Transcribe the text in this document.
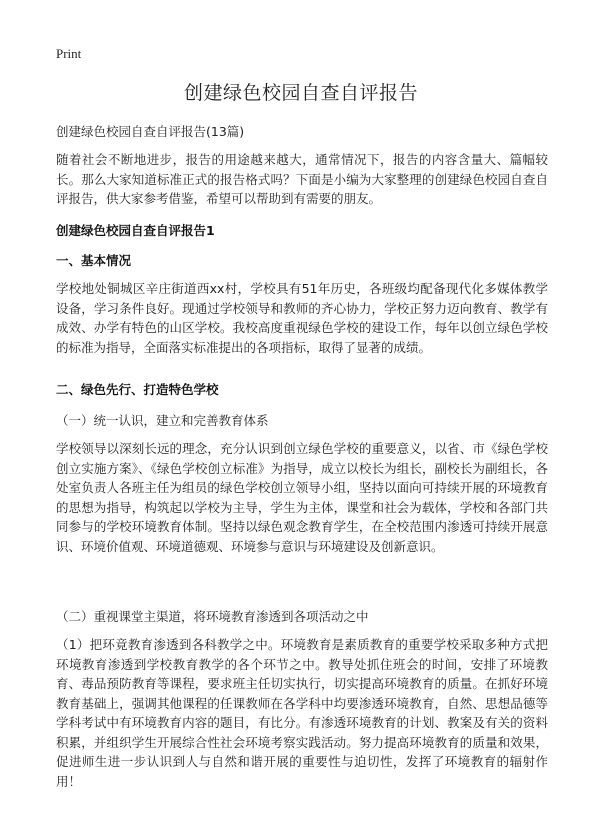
Print
创建绿色校园自查自评报告
创建绿色校园自查自评报告(13篇)

随着社会不断地进步，报告的用途越来越大，通常情况下，报告的内容含量大、篇幅较长。那么大家知道标准正式的报告格式吗？下面是小编为大家整理的创建绿色校园自查自评报告，供大家参考借鉴，希望可以帮助到有需要的朋友。

创建绿色校园自查自评报告1

一、基本情况

学校地处铜城区辛庄街道西xx村，学校具有51年历史，各班级均配备现代化多媒体教学设备，学习条件良好。现通过学校领导和教师的齐心协力，学校正努力迈向教育、教学有成效、办学有特色的山区学校。我校高度重视绿色学校的建设工作，每年以创立绿色学校的标准为指导，全面落实标准提出的各项指标，取得了显著的成绩。

二、绿色先行、打造特色学校

（一）统一认识，建立和完善教育体系

学校领导以深刻长远的理念，充分认识到创立绿色学校的重要意义，以省、市《绿色学校创立实施方案》、《绿色学校创立标准》为指导，成立以校长为组长，副校长为副组长，各处室负责人各班主任为组员的绿色学校创立领导小组，坚持以面向可持续开展的环境教育的思想为指导，构筑起以学校为主导，学生为主体，课堂和社会为载体，学校和各部门共同参与的学校环境教育体制。坚持以绿色观念教育学生，在全校范围内渗透可持续开展意识、环境价值观、环境道德观、环境参与意识与环境建设及创新意识。

（二）重视课堂主渠道，将环境教育渗透到各项活动之中

（1）把环竟教育渗透到各科教学之中。环境教育是素质教育的重要学校采取多种方式把环境教育渗透到学校教育教学的各个环节之中。教导处抓住班会的时间，安排了环境教育、毒品预防教育等课程，要求班主任切实执行，切实提高环境教育的质量。在抓好环境教育基础上，强调其他课程的任课教师在各学科中均要渗透环境教育，自然、思想品德等学科考试中有环境教育内容的题目，有比分。有渗透环境教育的计划、教案及有关的资料积累，并组织学生开展综合性社会环境考察实践活动。努力提高环境教育的质量和效果，促进师生进一步认识到人与自然和谐开展的重要性与迫切性，发挥了环境教育的辐射作用！
